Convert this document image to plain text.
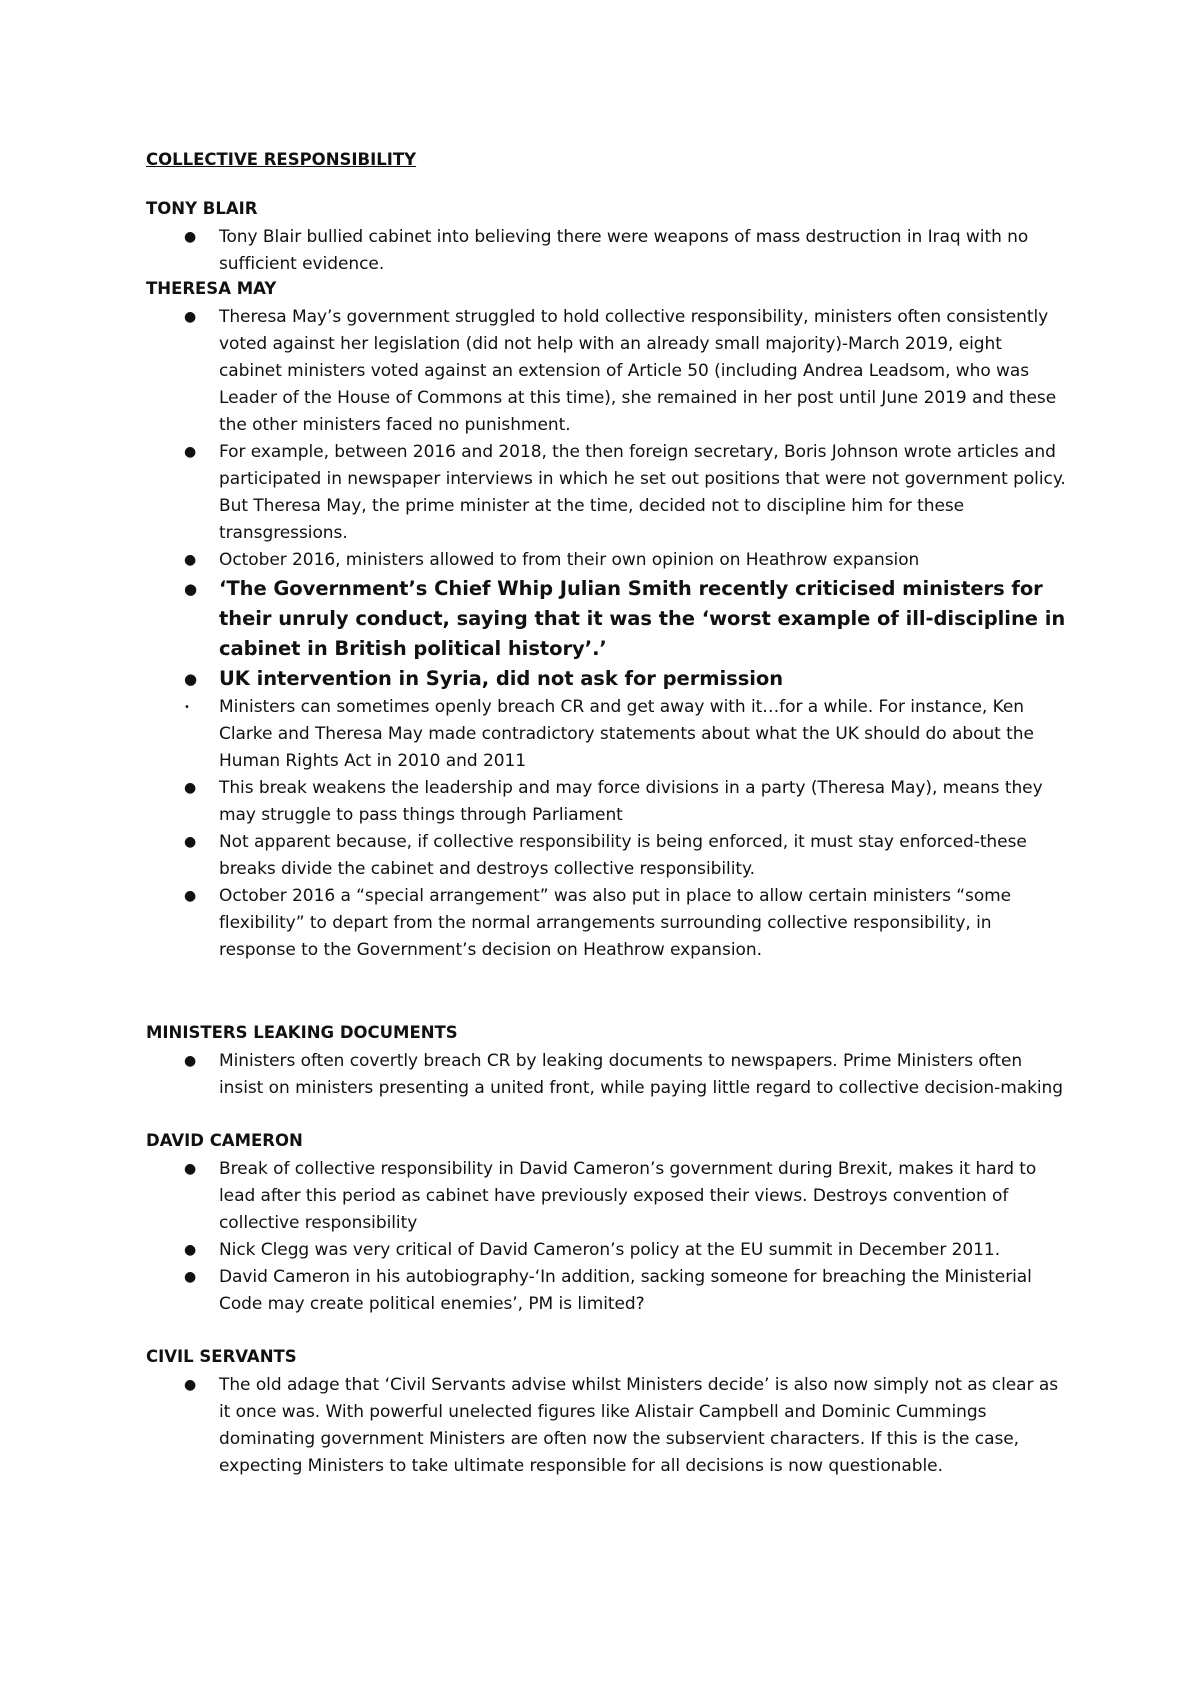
COLLECTIVE RESPONSIBILITY
TONY BLAIR
● Tony Blair bullied cabinet into believing there were weapons of mass destruction in Iraq with no sufficient evidence.
THERESA MAY
● Theresa May’s government struggled to hold collective responsibility, ministers often consistently voted against her legislation (did not help with an already small majority)-March 2019, eight cabinet ministers voted against an extension of Article 50 (including Andrea Leadsom, who was Leader of the House of Commons at this time), she remained in her post until June 2019 and these the other ministers faced no punishment.
● For example, between 2016 and 2018, the then foreign secretary, Boris Johnson wrote articles and participated in newspaper interviews in which he set out positions that were not government policy. But Theresa May, the prime minister at the time, decided not to discipline him for these transgressions.
● October 2016, ministers allowed to from their own opinion on Heathrow expansion
● ‘The Government’s Chief Whip Julian Smith recently criticised ministers for their unruly conduct, saying that it was the ‘worst example of ill-discipline in cabinet in British political history’.’
● UK intervention in Syria, did not ask for permission
• Ministers can sometimes openly breach CR and get away with it…for a while. For instance, Ken Clarke and Theresa May made contradictory statements about what the UK should do about the Human Rights Act in 2010 and 2011
● This break weakens the leadership and may force divisions in a party (Theresa May), means they may struggle to pass things through Parliament
● Not apparent because, if collective responsibility is being enforced, it must stay enforced-these breaks divide the cabinet and destroys collective responsibility.
● October 2016 a “special arrangement” was also put in place to allow certain ministers “some flexibility” to depart from the normal arrangements surrounding collective responsibility, in response to the Government’s decision on Heathrow expansion.
MINISTERS LEAKING DOCUMENTS
● Ministers often covertly breach CR by leaking documents to newspapers. Prime Ministers often insist on ministers presenting a united front, while paying little regard to collective decision-making
DAVID CAMERON
● Break of collective responsibility in David Cameron’s government during Brexit, makes it hard to lead after this period as cabinet have previously exposed their views. Destroys convention of collective responsibility
● Nick Clegg was very critical of David Cameron’s policy at the EU summit in December 2011.
● David Cameron in his autobiography-‘In addition, sacking someone for breaching the Ministerial Code may create political enemies’, PM is limited?
CIVIL SERVANTS
● The old adage that ‘Civil Servants advise whilst Ministers decide’ is also now simply not as clear as it once was. With powerful unelected figures like Alistair Campbell and Dominic Cummings dominating government Ministers are often now the subservient characters. If this is the case, expecting Ministers to take ultimate responsible for all decisions is now questionable.
